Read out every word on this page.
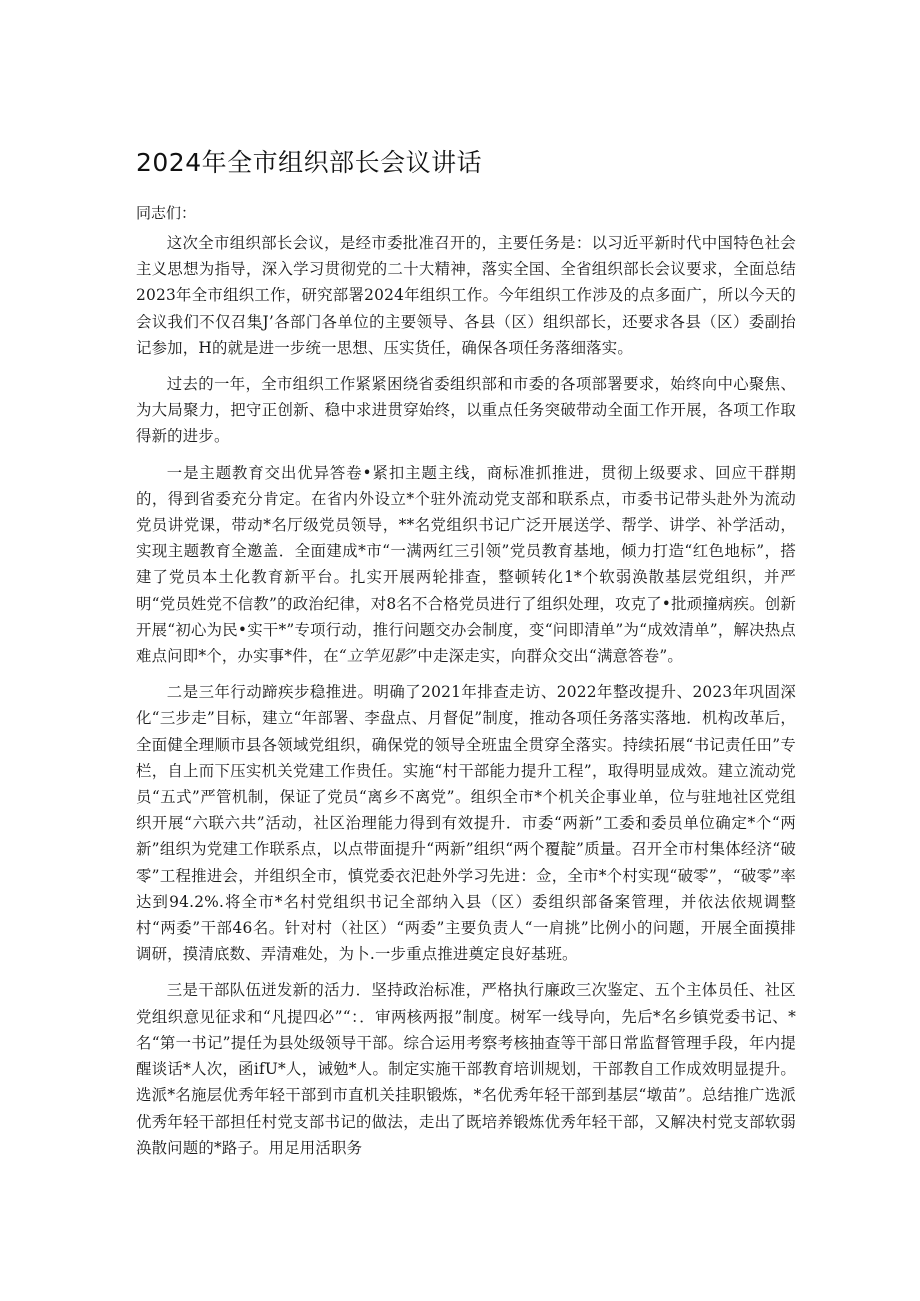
2024年全市组织部长会议讲话

同志们：

这次全市组织部长会议，是经市委批准召开的，主要任务是：以习近平新时代中国特色社会主义思想为指导，深入学习贯彻党的二十大精神，落实全国、全省组织部长会议要求，全面总结2023年全市组织工作，研究部署2024年组织工作。今年组织工作涉及的点多面广，所以今天的会议我们不仅召集J’各部门各单位的主要领导、各县（区）组织部长，还要求各县（区）委副抬记参加，H的就是进一步统一思想、压实货任，确保各项任务落细落实。

过去的一年，全市组织工作紧紧困绕省委组织部和市委的各项部署要求，始终向中心聚焦、为大局聚力，把守正创新、稳中求进贯穿始终，以重点任务突破带动全面工作开展，各项工作取得新的进步。

一是主题教育交出优异答卷•紧扣主题主线，商标准抓推进，贯彻上级要求、回应干群期的，得到省委充分肯定。在省内外设立*个驻外流动党支部和联系点，市委书记带头赴外为流动党员讲党课，带动*名厅级党员领导，**名党组织书记广泛开展送学、帮学、讲学、补学活动，实现主题教育全邀盖．全面建成*市“一满两红三引领”党员教育基地，倾力打造“红色地标”，搭建了党员本土化教育新平台。扎实开展两轮排查，整顿转化1*个软弱涣散基层党组织，并严明“党员姓党不信教”的政治纪律，对8名不合格党员进行了组织处理，攻克了•批顽撞病疾。创新开展“初心为民•实干*”专项行动，推行问题交办会制度，变“问即清单”为“成效清单”，解决热点难点问即*个，办实事*件，在“立竿见影”中走深走实，向群众交出“满意答卷”。

二是三年行动蹄疾步稳推进。明确了2021年排查走访、2022年整改提升、2023年巩固深化“三步走”目标，建立“年部署、李盘点、月督促”制度，推动各项任务落实落地．机构改革后，全面健全理顺市县各领域党组织，确保党的领导全班盅全贯穿全落实。持续拓展“书记责任田”专栏，自上而下压实机关党建工作贵任。实施“村干部能力提升工程”，取得明显成效。建立流动党员“五式”严管机制，保证了党员“离乡不离党”。组织全市*个机关企事业单，位与驻地社区党组织开展“六联六共”活动，社区治理能力得到有效提升．市委“两新”工委和委员单位确定*个“两新”组织为党建工作联系点，以点带面提升“两新”组织“两个覆靛”质量。召开全市村集体经济“破零”工程推进会，并组织全市，慎党委衣汜赴外学习先进：佥，全市*个村实现“破零”，“破零”率达到94.2%.将全市*名村党组织书记全部纳入县（区）委组织部备案管理，并依法依规调整村“两委”干部46名。针对村（社区）“两委”主要负责人“一肩挑”比例小的问题，开展全面摸排调研，摸清底数、弄清难处，为卜.一步重点推进奠定良好基班。

三是干部队伍迸发新的活力．坚持政治标准，严格执行廉政三次鉴定、五个主体员任、社区党组织意见征求和“凡提四必”“：．审两核两报”制度。树军一线导向，先后*名乡镇党委书记、*名“第一书记”提任为县处级领导干部。综合运用考察考核抽查等干部日常监督管理手段，年内提醒谈话*人次，函ifU*人，诫勉*人。制定实施干部教育培训规划，干部教自工作成效明显提升。选派*名施层优秀年轻干部到市直机关挂职锻炼，*名优秀年轻干部到基层“墩苗”。总结推广选派优秀年轻干部担任村党支部书记的做法，走出了既培养锻炼优秀年轻干部，又解决村党支部软弱涣散问题的*路子。用足用活职务
